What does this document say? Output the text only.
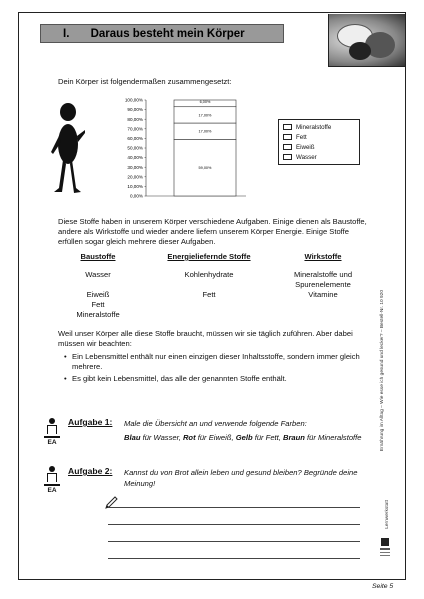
I. Daraus besteht mein Körper
Dein Körper ist folgendermaßen zusammengesetzt:
0,00%
10,00%
20,00%
30,00%
40,00%
50,00%
60,00%
70,00%
80,00%
90,00%
100,00%
59,00%
17,00%
17,00%
6,00%
Mineralstoffe
Fett
Eiweiß
Wasser
Diese Stoffe haben in unserem Körper verschiedene Aufgaben. Einige dienen als Baustoffe, andere als Wirkstoffe und wieder andere liefern unserem Körper Energie. Einige Stoffe erfüllen sogar gleich mehrere dieser Aufgaben.
Baustoffe
Wasser

Eiweiß
Fett
Mineralstoffe
Energieliefernde Stoffe
Kohlenhydrate

Fett
Wirkstoffe
Mineralstoffe und
Spurenelemente
Vitamine
Weil unser Körper alle diese Stoffe braucht, müssen wir sie täglich zuführen. Aber dabei müssen wir beachten:
• Ein Lebensmittel enthält nur einen einzigen dieser Inhaltsstoffe, sondern immer gleich mehrere.
• Es gibt kein Lebensmittel, das alle der genannten Stoffe enthält.
EA
Aufgabe 1: Male die Übersicht an und verwende folgende Farben:
Blau für Wasser, Rot für Eiweiß, Gelb für Fett, Braun für Mineralstoffe
EA
Aufgabe 2: Kannst du von Brot allein leben und gesund bleiben? Begründe deine Meinung!
Ernährung im Alltag – Wie esse ich gesund und lecker? – Bestell-Nr. 10 920
Lernwerkstatt
Seite 5
